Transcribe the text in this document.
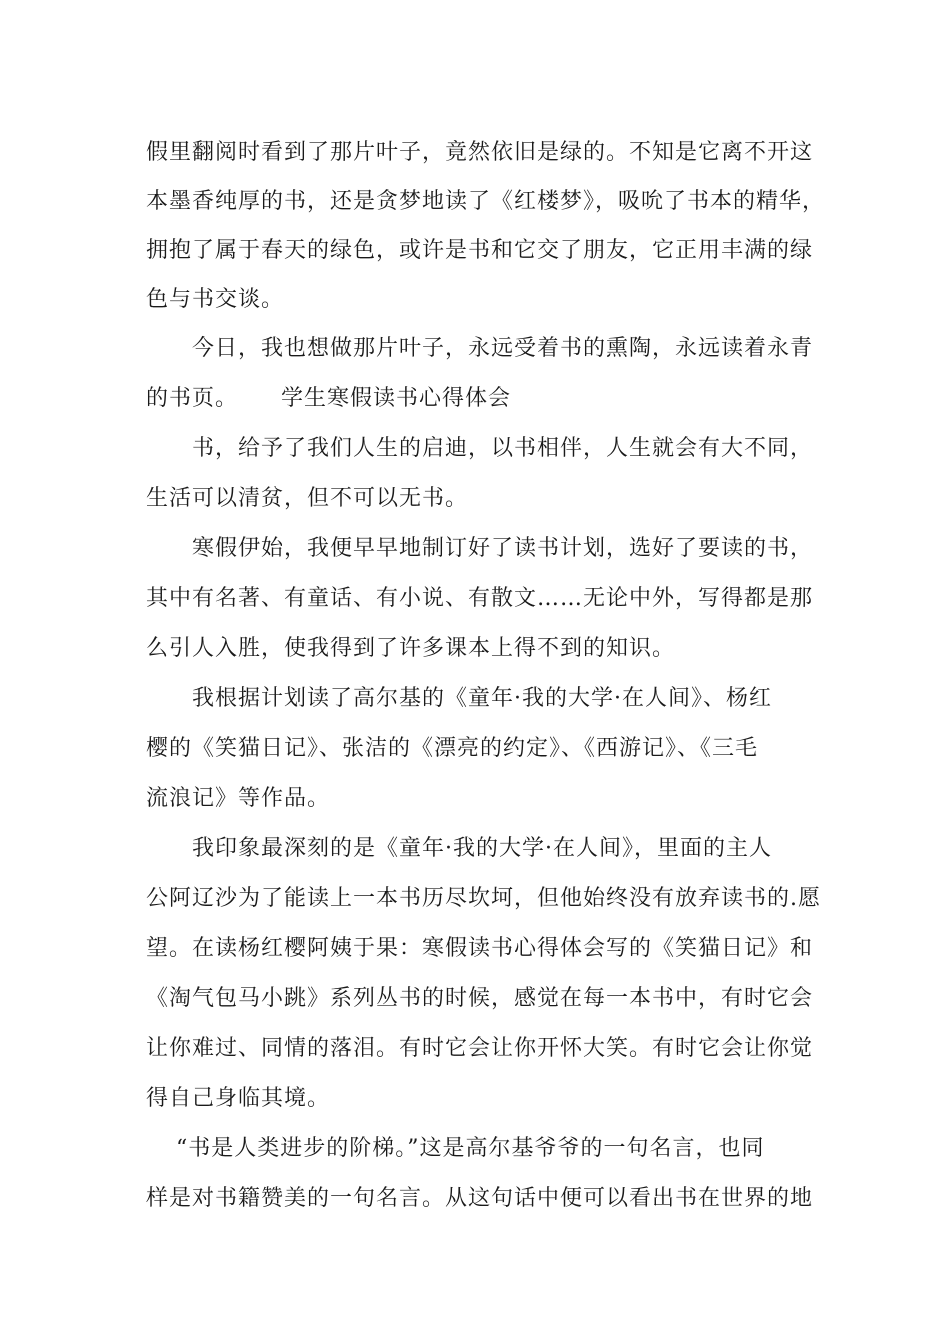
假里翻阅时看到了那片叶子，竟然依旧是绿的。不知是它离不开这
本墨香纯厚的书，还是贪梦地读了《红楼梦》，吸吮了书本的精华，
拥抱了属于春天的绿色，或许是书和它交了朋友，它正用丰满的绿
色与书交谈。
今日，我也想做那片叶子，永远受着书的熏陶，永远读着永青
的书页。 学生寒假读书心得体会
书，给予了我们人生的启迪，以书相伴，人生就会有大不同，
生活可以清贫，但不可以无书。
寒假伊始，我便早早地制订好了读书计划，选好了要读的书，
其中有名著、有童话、有小说、有散文……无论中外，写得都是那
么引人入胜，使我得到了许多课本上得不到的知识。
我根据计划读了高尔基的《童年·我的大学·在人间》、杨红
樱的《笑猫日记》、张洁的《漂亮的约定》、《西游记》、《三毛
流浪记》等作品。
我印象最深刻的是《童年·我的大学·在人间》，里面的主人
公阿辽沙为了能读上一本书历尽坎坷，但他始终没有放弃读书的.愿
望。在读杨红樱阿姨于果：寒假读书心得体会写的《笑猫日记》和
《淘气包马小跳》系列丛书的时候，感觉在每一本书中，有时它会
让你难过、同情的落泪。有时它会让你开怀大笑。有时它会让你觉
得自己身临其境。
“书是人类进步的阶梯。”这是高尔基爷爷的一句名言，也同
样是对书籍赞美的一句名言。从这句话中便可以看出书在世界的地
